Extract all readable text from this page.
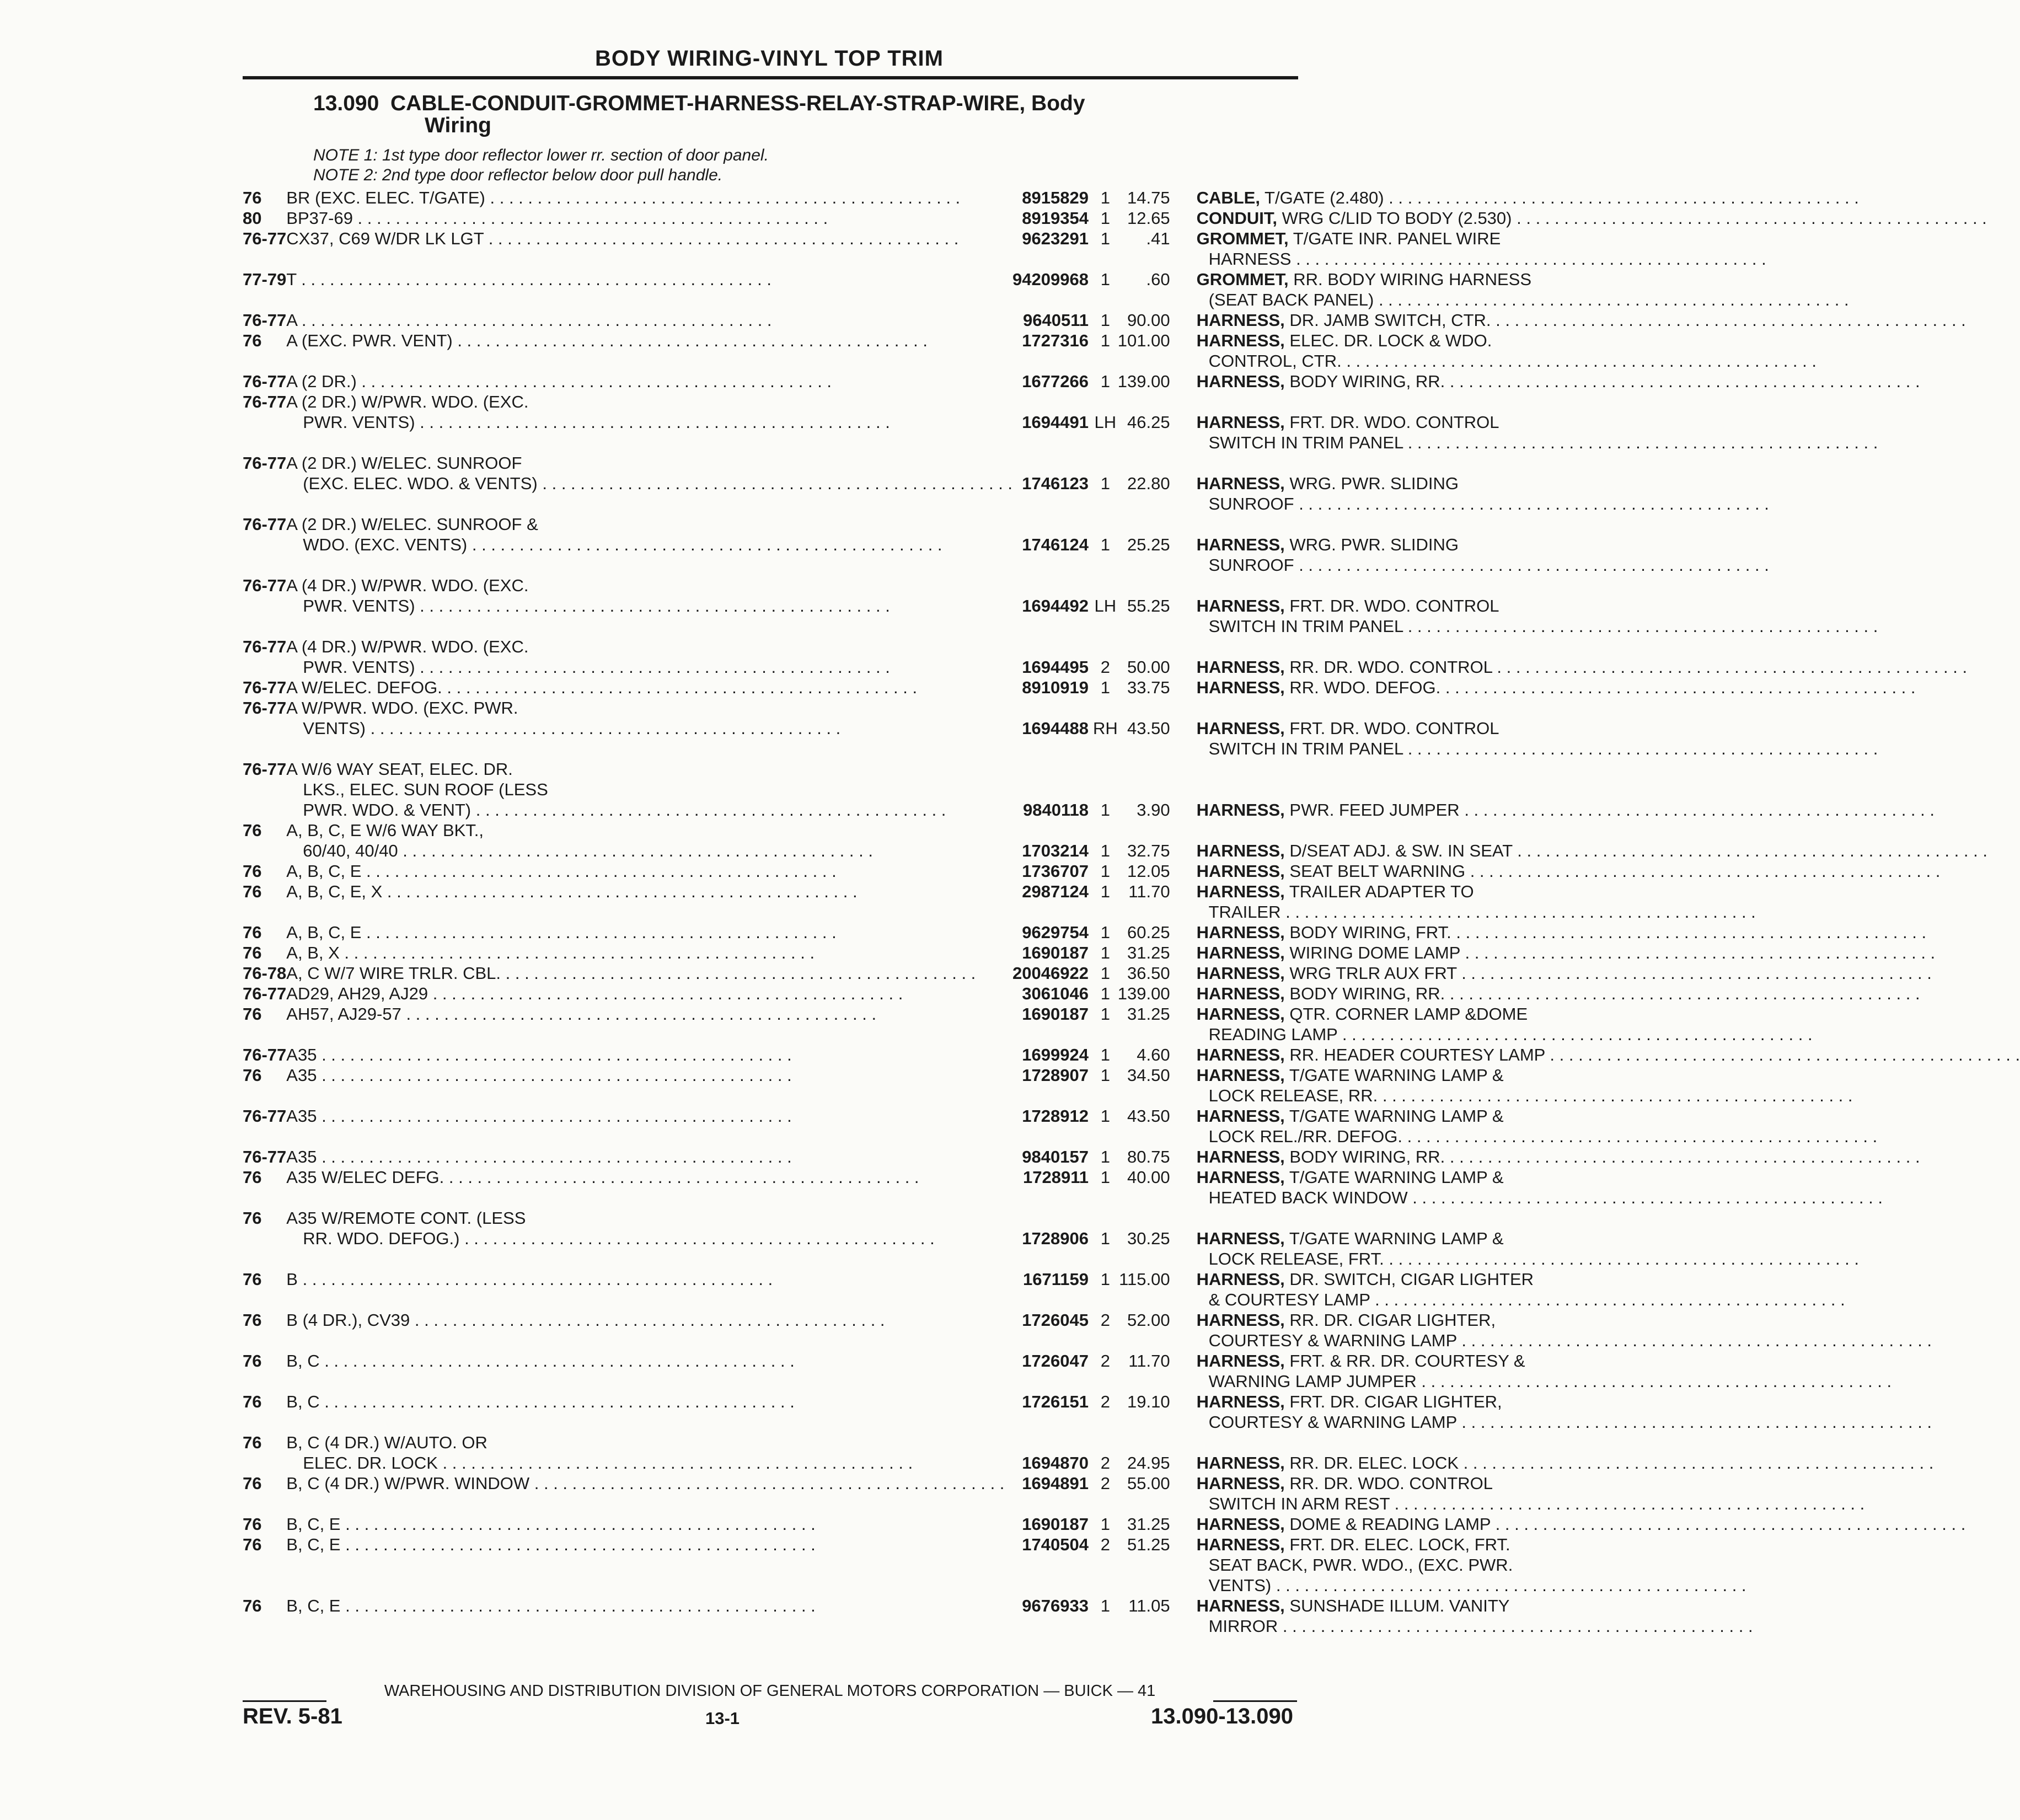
BODY WIRING-VINYL TOP TRIM
13.090 CABLE-CONDUIT-GROMMET-HARNESS-RELAY-STRAP-WIRE, Body
Wiring
NOTE 1: 1st type door reflector lower rr. section of door panel.
NOTE 2: 2nd type door reflector below door pull handle.
76	BR (EXC. ELEC. T/GATE) . . .	8915829	1	14.75	CABLE, T/GATE (2.480) . . .

80	BP37-69 . . .	8919354	1	12.65	CONDUIT, WRG C/LID TO BODY (2.530) . . .

76-77	CX37, C69 W/DR LK LGT . . .	9623291	1	.41	GROMMET, T/GATE INR. PANEL WIRE
HARNESS . . .

77-79	T . . .	94209968	1	.60	GROMMET, RR. BODY WIRING HARNESS
(SEAT BACK PANEL) . . .

76-77	A . . .	9640511	1	90.00	HARNESS, DR. JAMB SWITCH, CTR. . . .

76	A (EXC. PWR. VENT) . . .	1727316	1	101.00	HARNESS, ELEC. DR. LOCK & WDO.
CONTROL, CTR. . . .

76-77	A (2 DR.) . . .	1677266	1	139.00	HARNESS, BODY WIRING, RR. . . .

76-77	A (2 DR.) W/PWR. WDO. (EXC.
PWR. VENTS) . . .	1694491	LH	46.25	HARNESS, FRT. DR. WDO. CONTROL
SWITCH IN TRIM PANEL . . .

76-77	A (2 DR.) W/ELEC. SUNROOF
(EXC. ELEC. WDO. & VENTS) . . .	1746123	1	22.80	HARNESS, WRG. PWR. SLIDING
SUNROOF . . .

76-77	A (2 DR.) W/ELEC. SUNROOF &
WDO. (EXC. VENTS) . . .	1746124	1	25.25	HARNESS, WRG. PWR. SLIDING
SUNROOF . . .

76-77	A (4 DR.) W/PWR. WDO. (EXC.
PWR. VENTS) . . .	1694492	LH	55.25	HARNESS, FRT. DR. WDO. CONTROL
SWITCH IN TRIM PANEL . . .

76-77	A (4 DR.) W/PWR. WDO. (EXC.
PWR. VENTS) . . .	1694495	2	50.00	HARNESS, RR. DR. WDO. CONTROL . . .

76-77	A W/ELEC. DEFOG. . . .	8910919	1	33.75	HARNESS, RR. WDO. DEFOG. . . .

76-77	A W/PWR. WDO. (EXC. PWR.
VENTS) . . .	1694488	RH	43.50	HARNESS, FRT. DR. WDO. CONTROL
SWITCH IN TRIM PANEL . . .

76-77	A W/6 WAY SEAT, ELEC. DR.
LKS., ELEC. SUN ROOF (LESS
PWR. WDO. & VENT) . . .	9840118	1	3.90	HARNESS, PWR. FEED JUMPER . . .

76	A, B, C, E W/6 WAY BKT.,
60/40, 40/40 . . .	1703214	1	32.75	HARNESS, D/SEAT ADJ. & SW. IN SEAT . . .

76	A, B, C, E . . .	1736707	1	12.05	HARNESS, SEAT BELT WARNING . . .

76	A, B, C, E, X . . .	2987124	1	11.70	HARNESS, TRAILER ADAPTER TO
TRAILER . . .

76	A, B, C, E . . .	9629754	1	60.25	HARNESS, BODY WIRING, FRT. . . .

76	A, B, X . . .	1690187	1	31.25	HARNESS, WIRING DOME LAMP . . .

76-78	A, C W/7 WIRE TRLR. CBL. . . .	20046922	1	36.50	HARNESS, WRG TRLR AUX FRT . . .

76-77	AD29, AH29, AJ29 . . .	3061046	1	139.00	HARNESS, BODY WIRING, RR. . . .

76	AH57, AJ29-57 . . .	1690187	1	31.25	HARNESS, QTR. CORNER LAMP &DOME
READING LAMP . . .

76-77	A35 . . .	1699924	1	4.60	HARNESS, RR. HEADER COURTESY LAMP . . .

76	A35 . . .	1728907	1	34.50	HARNESS, T/GATE WARNING LAMP &
LOCK RELEASE, RR. . . .

76-77	A35 . . .	1728912	1	43.50	HARNESS, T/GATE WARNING LAMP &
LOCK REL./RR. DEFOG. . . .

76-77	A35 . . .	9840157	1	80.75	HARNESS, BODY WIRING, RR. . . .

76	A35 W/ELEC DEFG. . . .	1728911	1	40.00	HARNESS, T/GATE WARNING LAMP &
HEATED BACK WINDOW . . .

76	A35 W/REMOTE CONT. (LESS
RR. WDO. DEFOG.) . . .	1728906	1	30.25	HARNESS, T/GATE WARNING LAMP &
LOCK RELEASE, FRT. . . .

76	B . . .	1671159	1	115.00	HARNESS, DR. SWITCH, CIGAR LIGHTER
& COURTESY LAMP . . .

76	B (4 DR.), CV39 . . .	1726045	2	52.00	HARNESS, RR. DR. CIGAR LIGHTER,
COURTESY & WARNING LAMP . . .

76	B, C . . .	1726047	2	11.70	HARNESS, FRT. & RR. DR. COURTESY &
WARNING LAMP JUMPER . . .

76	B, C . . .	1726151	2	19.10	HARNESS, FRT. DR. CIGAR LIGHTER,
COURTESY & WARNING LAMP . . .

76	B, C (4 DR.) W/AUTO. OR
ELEC. DR. LOCK . . .	1694870	2	24.95	HARNESS, RR. DR. ELEC. LOCK . . .

76	B, C (4 DR.) W/PWR. WINDOW . . .	1694891	2	55.00	HARNESS, RR. DR. WDO. CONTROL
SWITCH IN ARM REST . . .

76	B, C, E . . .	1690187	1	31.25	HARNESS, DOME & READING LAMP . . .

76	B, C, E . . .	1740504	2	51.25	HARNESS, FRT. DR. ELEC. LOCK, FRT.
SEAT BACK, PWR. WDO., (EXC. PWR.
VENTS) . . .

76	B, C, E . . .	9676933	1	11.05	HARNESS, SUNSHADE ILLUM. VANITY
MIRROR . . .
WAREHOUSING AND DISTRIBUTION DIVISION OF GENERAL MOTORS CORPORATION — BUICK — 41
REV. 5-81	13-1	13.090-13.090
